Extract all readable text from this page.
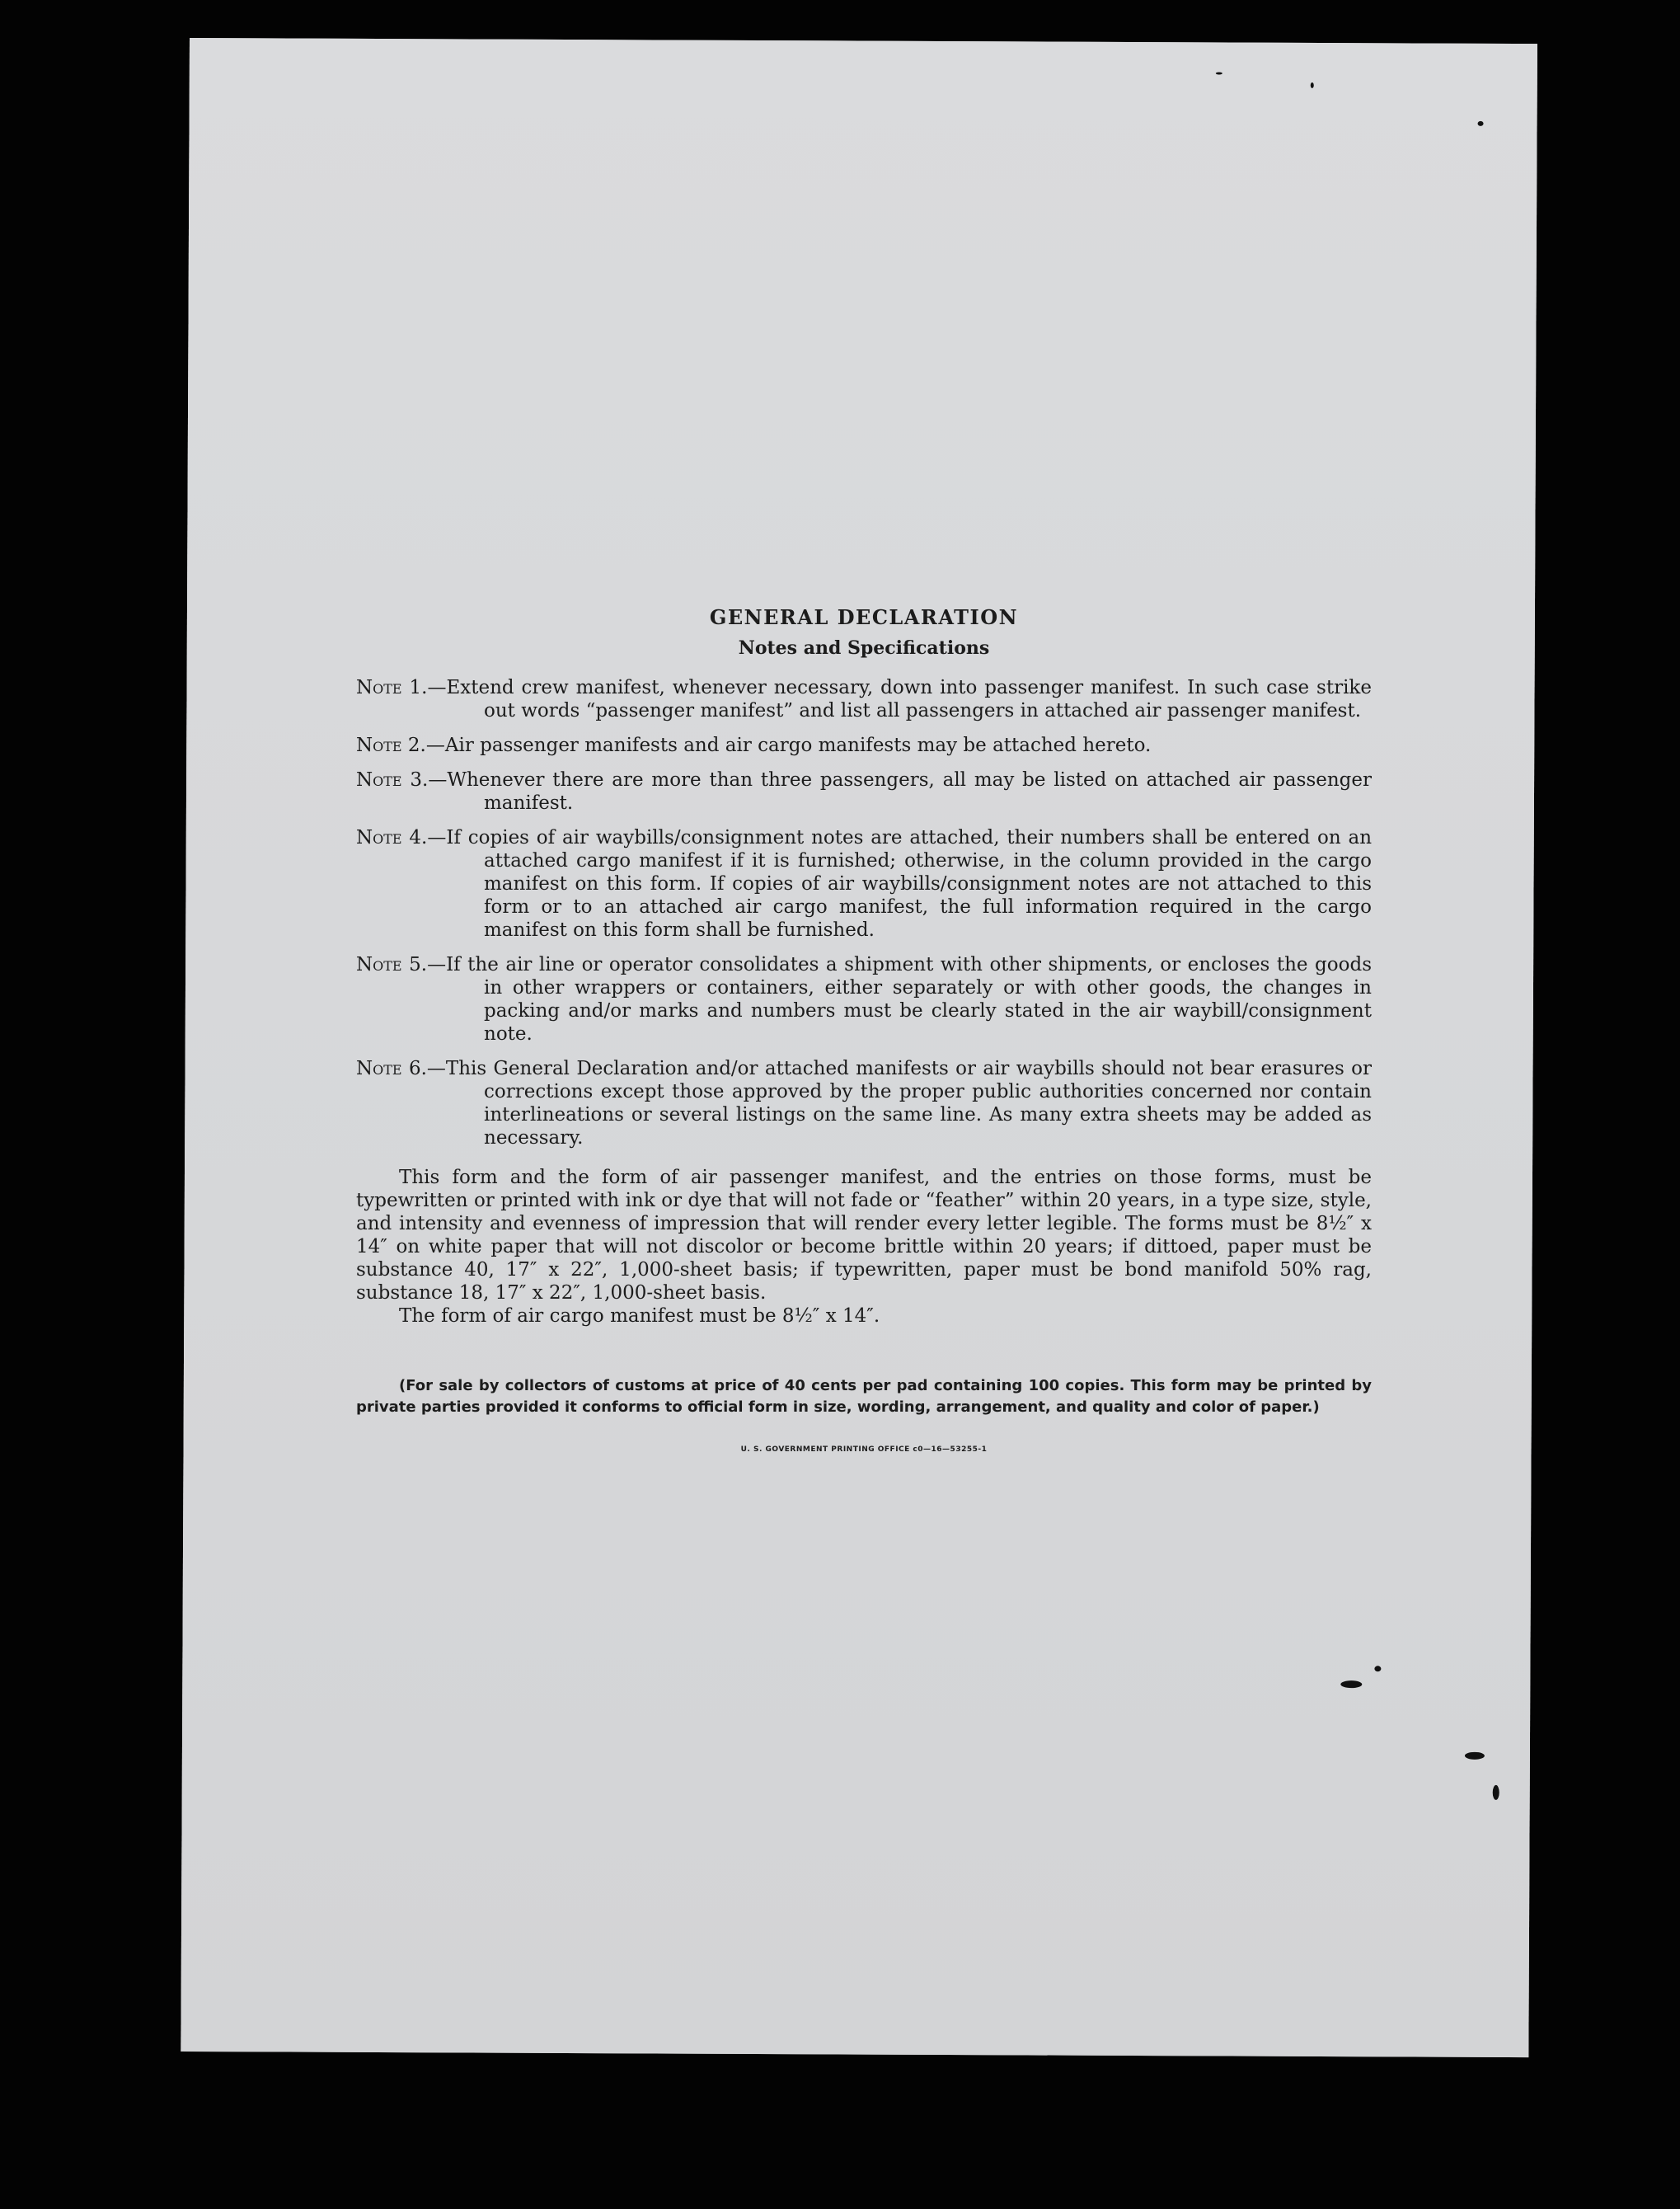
GENERAL DECLARATION
Notes and Specifications

Note 1.—Extend crew manifest, whenever necessary, down into passenger manifest. In such case strike out words “passenger manifest” and list all passengers in attached air passenger manifest.

Note 2.—Air passenger manifests and air cargo manifests may be attached hereto.

Note 3.—Whenever there are more than three passengers, all may be listed on attached air passenger manifest.

Note 4.—If copies of air waybills/consignment notes are attached, their numbers shall be entered on an attached cargo manifest if it is furnished; otherwise, in the column provided in the cargo manifest on this form. If copies of air waybills/consignment notes are not attached to this form or to an attached air cargo manifest, the full information required in the cargo manifest on this form shall be furnished.

Note 5.—If the air line or operator consolidates a shipment with other shipments, or encloses the goods in other wrappers or containers, either separately or with other goods, the changes in packing and/or marks and numbers must be clearly stated in the air waybill/consignment note.

Note 6.—This General Declaration and/or attached manifests or air waybills should not bear erasures or corrections except those approved by the proper public authorities concerned nor contain interlineations or several listings on the same line. As many extra sheets may be added as necessary.

This form and the form of air passenger manifest, and the entries on those forms, must be typewritten or printed with ink or dye that will not fade or “feather” within 20 years, in a type size, style, and intensity and evenness of impression that will render every letter legible. The forms must be 8½″ x 14″ on white paper that will not discolor or become brittle within 20 years; if dittoed, paper must be substance 40, 17″ x 22″, 1,000-sheet basis; if typewritten, paper must be bond manifold 50% rag, substance 18, 17″ x 22″, 1,000-sheet basis.

The form of air cargo manifest must be 8½″ x 14″.

(For sale by collectors of customs at price of 40 cents per pad containing 100 copies. This form may be printed by private parties provided it conforms to official form in size, wording, arrangement, and quality and color of paper.)

U. S. GOVERNMENT PRINTING OFFICE c0—16—53255-1
